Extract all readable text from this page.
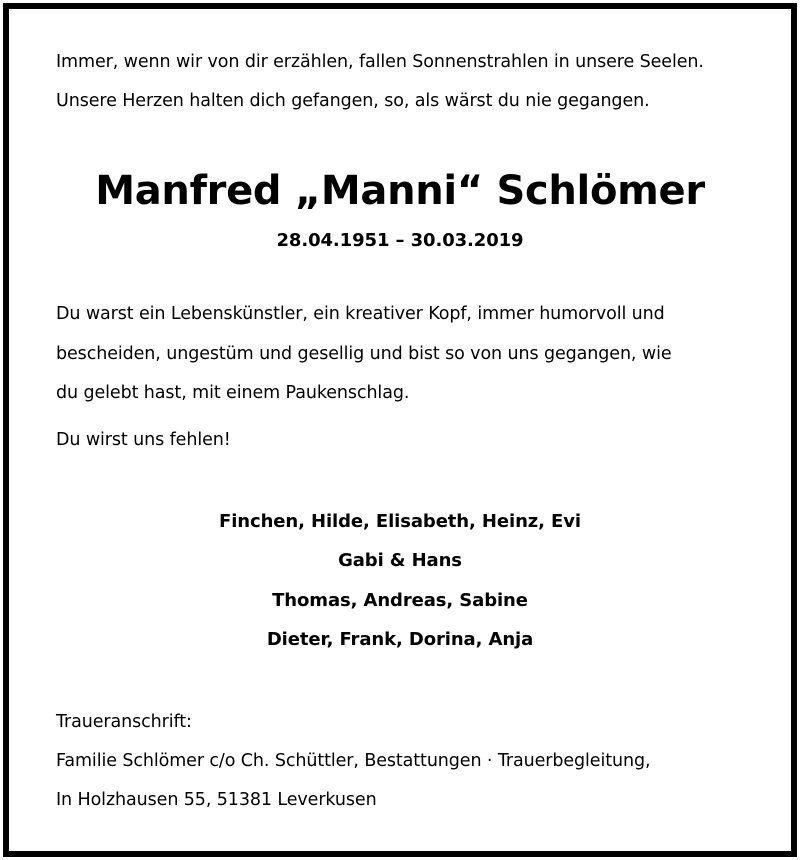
Immer, wenn wir von dir erzählen, fallen Sonnenstrahlen in unsere Seelen.
Unsere Herzen halten dich gefangen, so, als wärst du nie gegangen.
Manfred „Manni“ Schlömer
28.04.1951 – 30.03.2019
Du warst ein Lebenskünstler, ein kreativer Kopf, immer humorvoll und
bescheiden, ungestüm und gesellig und bist so von uns gegangen, wie
du gelebt hast, mit einem Paukenschlag.
Du wirst uns fehlen!
Finchen, Hilde, Elisabeth, Heinz, Evi
Gabi & Hans
Thomas, Andreas, Sabine
Dieter, Frank, Dorina, Anja
Traueranschrift:
Familie Schlömer c/o Ch. Schüttler, Bestattungen · Trauerbegleitung,
In Holzhausen 55, 51381 Leverkusen
